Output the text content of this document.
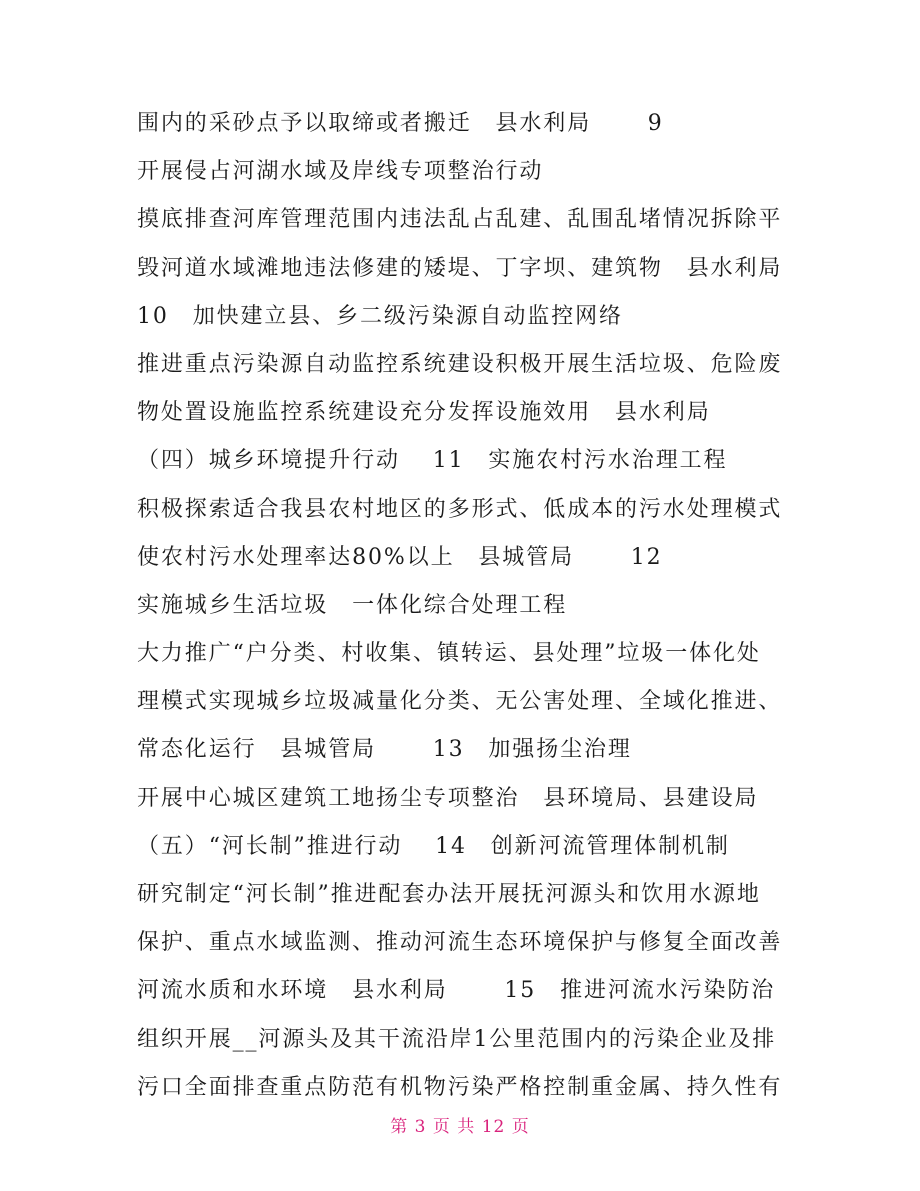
围内的采砂点予以取缔或者搬迁　县水利局　　 9
开展侵占河湖水域及岸线专项整治行动
摸底排查河库管理范围内违法乱占乱建、乱围乱堵情况拆除平
毁河道水域滩地违法修建的矮堤、丁字坝、建筑物　县水利局
10　加快建立县、乡二级污染源自动监控网络
推进重点污染源自动监控系统建设积极开展生活垃圾、危险废
物处置设施监控系统建设充分发挥设施效用　县水利局
（四）城乡环境提升行动　 11　实施农村污水治理工程
积极探索适合我县农村地区的多形式、低成本的污水处理模式
使农村污水处理率达80%以上　县城管局　　 12
实施城乡生活垃圾　一体化综合处理工程
大力推广“户分类、村收集、镇转运、县处理”垃圾一体化处
理模式实现城乡垃圾减量化分类、无公害处理、全域化推进、
常态化运行　县城管局　　 13　加强扬尘治理
开展中心城区建筑工地扬尘专项整治　县环境局、县建设局
（五）“河长制”推进行动　 14　创新河流管理体制机制
研究制定“河长制”推进配套办法开展抚河源头和饮用水源地
保护、重点水域监测、推动河流生态环境保护与修复全面改善
河流水质和水环境　县水利局　　 15　推进河流水污染防治
组织开展__河源头及其干流沿岸1公里范围内的污染企业及排
污口全面排查重点防范有机物污染严格控制重金属、持久性有
第 3 页 共 12 页
